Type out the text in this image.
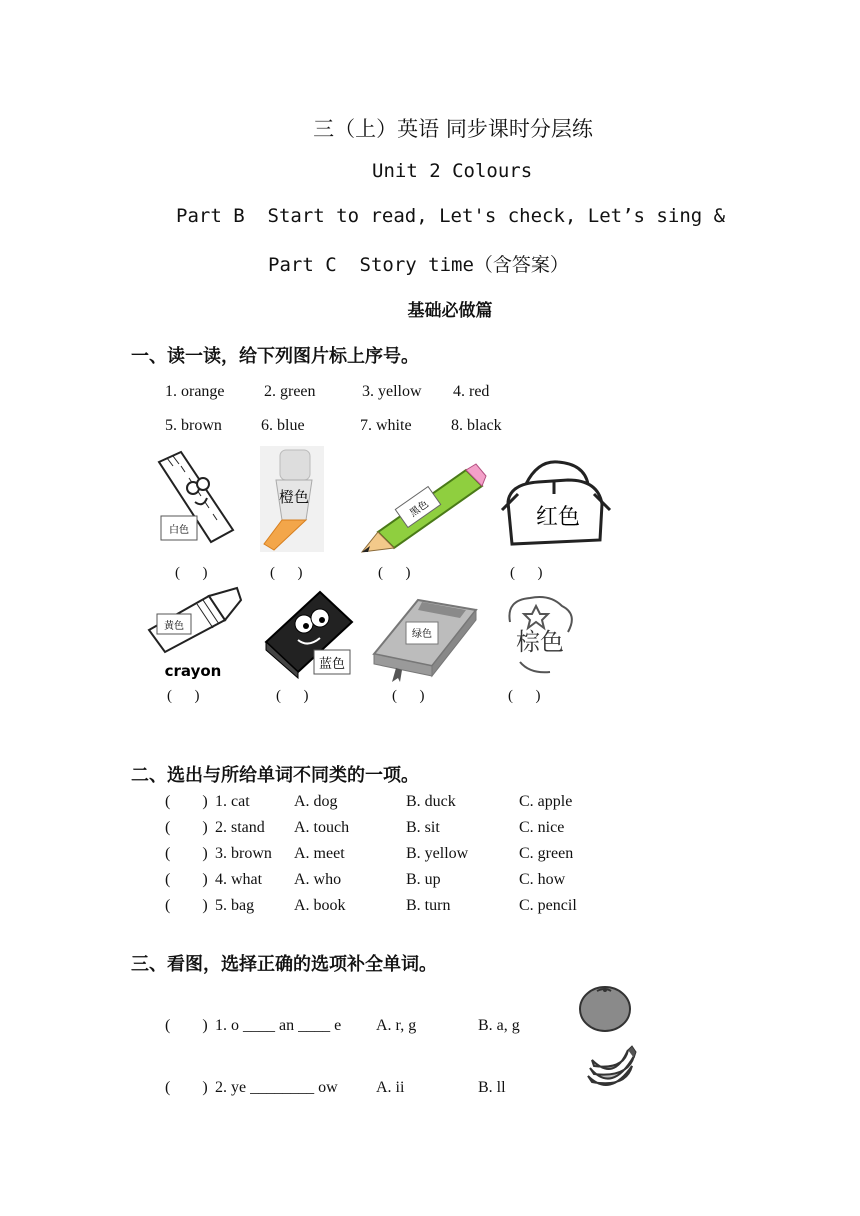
三（上）英语 同步课时分层练
Unit 2 Colours
Part B  Start to read, Let's check, Let’s sing &
Part C  Story time（含答案）
基础必做篇
一、读一读，给下列图片标上序号。
1. orange 2. green	3. yellow 4. red
5. brown 6. blue	7. white 8. black
白色
橙色
黑色	红色
(      )	(      )	(      )	(      )
黄色
crayon	蓝色
绿色	棕色
(      )	(      )	(      )	(      )
二、选出与所给单词不同类的一项。
(        ) 1. cat	A. dog	B. duck	C. apple
(        ) 2. stand A. touch	B. sit	C. nice
(        ) 3. brown A. meet	B. yellow	C. green
(        ) 4. what A. who	B. up	C. how
(        ) 5. bag A. book	B. turn	C. pencil
三、看图，选择正确的选项补全单词。
(        ) 1. o ____ an ____ e A. r, g	B. a, g
(        ) 2. ye ________ ow A. ii	B. ll
